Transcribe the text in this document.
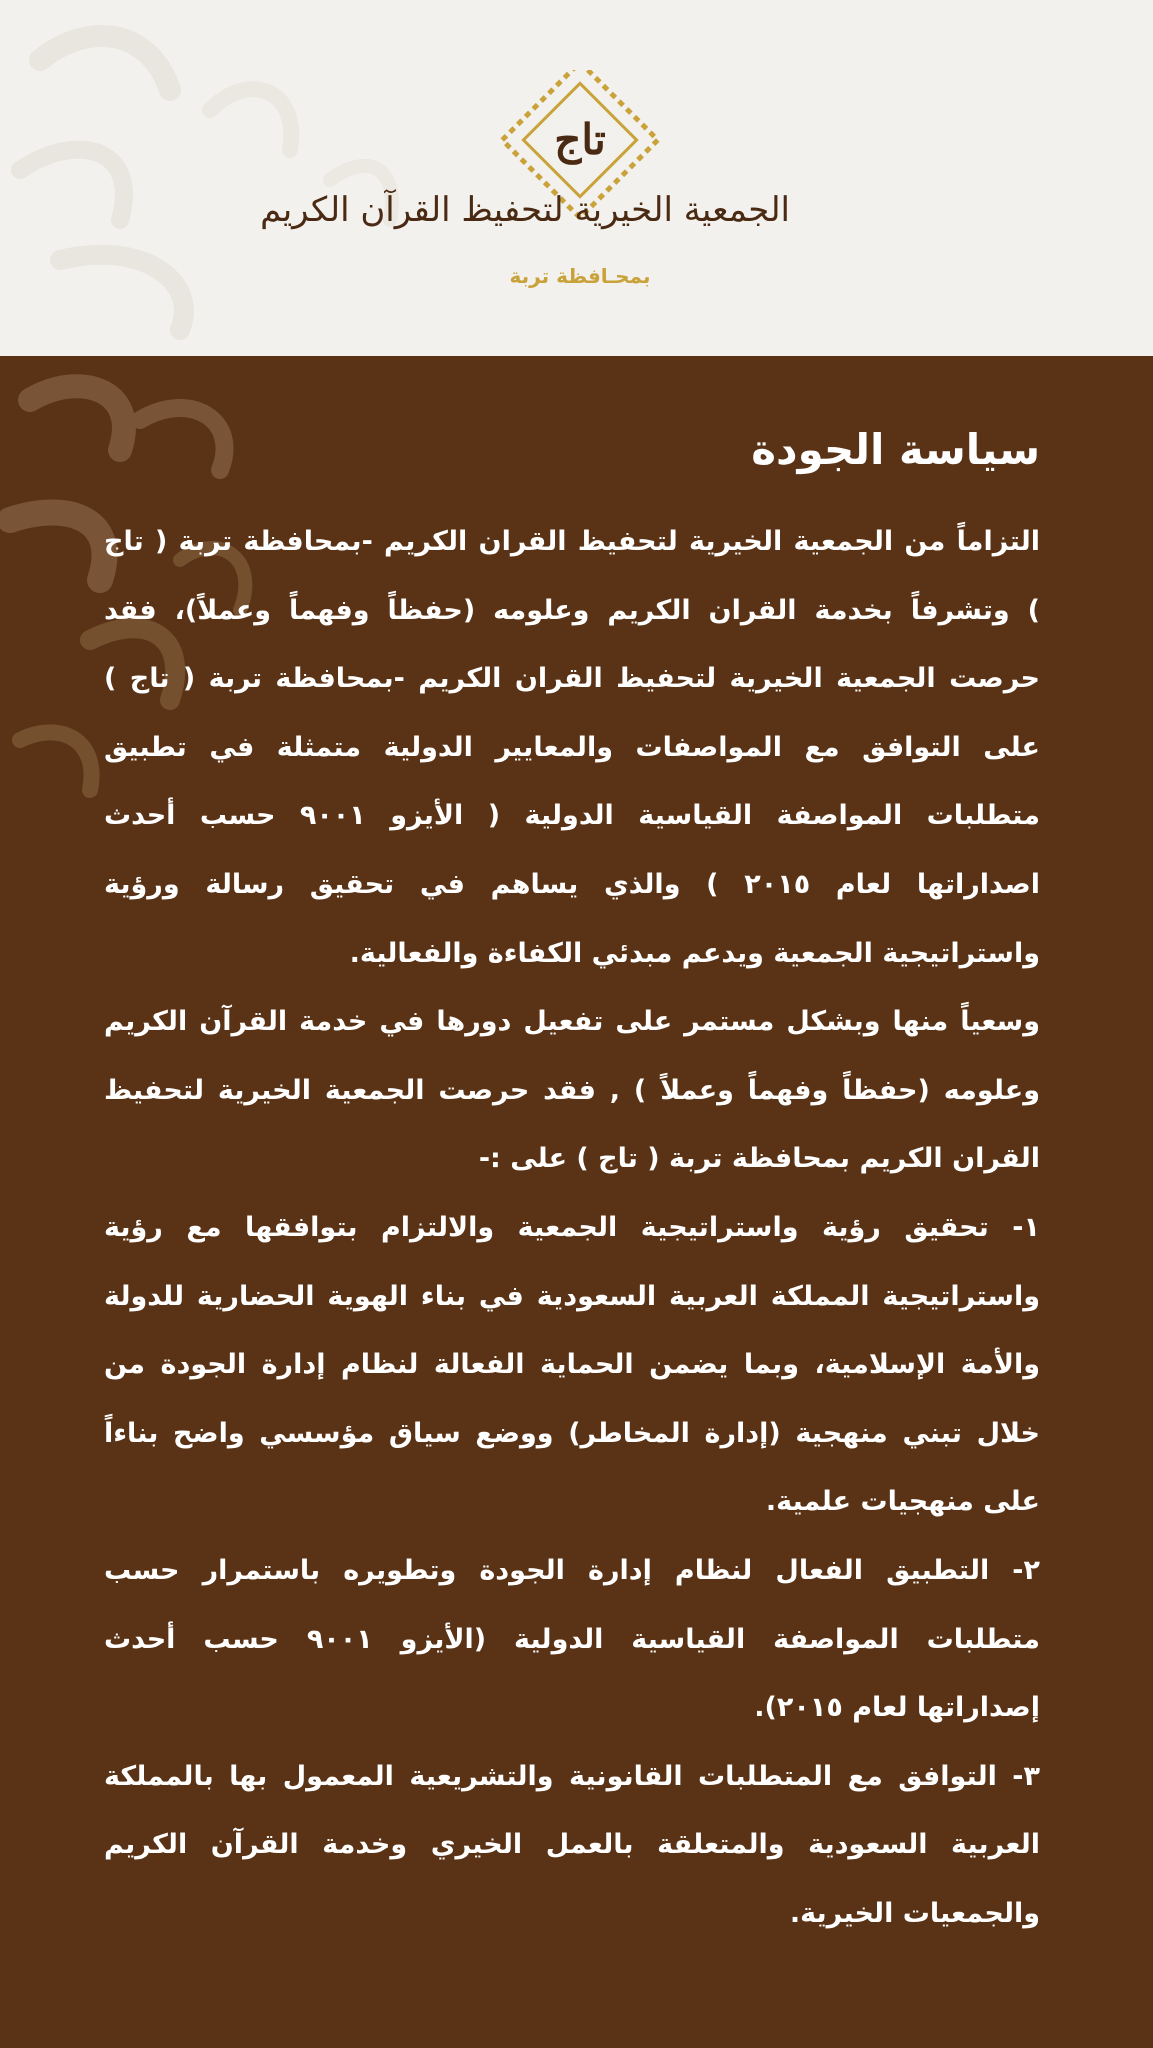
تاج
الجمعية الخيرية لتحفيظ القرآن الكريم
بمحـافظة تربة
سياسة الجودة

التزاماً من الجمعية الخيرية لتحفيظ القران الكريم -بمحافظة تربة ( تاج ) وتشرفاً بخدمة القران الكريم وعلومه (حفظاً وفهماً وعملاً)، فقد حرصت الجمعية الخيرية لتحفيظ القران الكريم -بمحافظة تربة ( تاج ) على التوافق مع المواصفات والمعايير الدولية متمثلة في تطبيق متطلبات المواصفة القياسية الدولية ( الأيزو ٩٠٠١ حسب أحدث اصداراتها لعام ٢٠١٥ ) والذي يساهم في تحقيق رسالة ورؤية واستراتيجية الجمعية ويدعم مبدئي الكفاءة والفعالية.

وسعياً منها وبشكل مستمر على تفعيل دورها في خدمة القرآن الكريم وعلومه (حفظاً وفهماً وعملاً ) , فقد حرصت الجمعية الخيرية لتحفيظ القران الكريم بمحافظة تربة ( تاج ) على :-

١- تحقيق رؤية واستراتيجية الجمعية والالتزام بتوافقها مع رؤية واستراتيجية المملكة العربية السعودية في بناء الهوية الحضارية للدولة والأمة الإسلامية، وبما يضمن الحماية الفعالة لنظام إدارة الجودة من خلال تبني منهجية (إدارة المخاطر) ووضع سياق مؤسسي واضح بناءاً على منهجيات علمية.

٢- التطبيق الفعال لنظام إدارة الجودة وتطويره باستمرار حسب متطلبات المواصفة القياسية الدولية (الأيزو ٩٠٠١ حسب أحدث إصداراتها لعام ٢٠١٥).

٣- التوافق مع المتطلبات القانونية والتشريعية المعمول بها بالمملكة العربية السعودية والمتعلقة بالعمل الخيري وخدمة القرآن الكريم والجمعيات الخيرية.
